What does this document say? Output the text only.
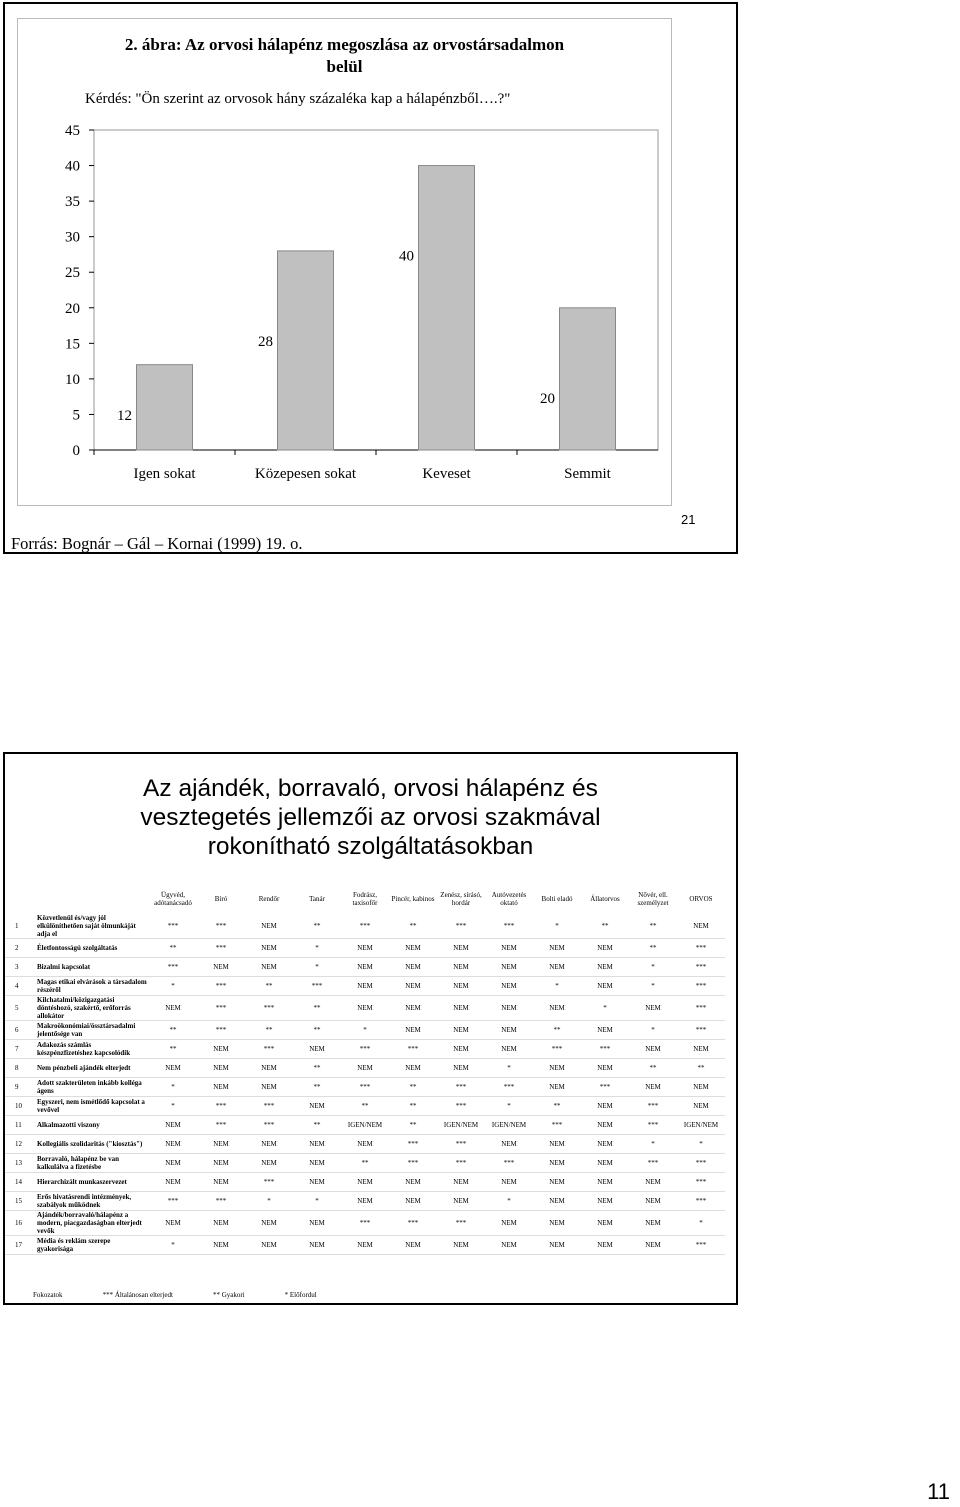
2. ábra: Az orvosi hálapénz megoszlása az orvostársadalmon
belül
Kérdés: "Ön szerint az orvosok hány százaléka kap a hálapénzből….?"
0
5
10
15
20
25
30
35
40
45
12
Igen sokat
28
Közepesen sokat
40
Keveset
20
Semmit
21
Forrás: Bognár – Gál – Kornai (1999) 19. o.
Az ajándék, borravaló, orvosi hálapénz és
vesztegetés jellemzői az orvosi szakmával
rokonítható szolgáltatásokban
		Ügyvéd, adótanácsadó	Bíró	Rendőr	Tanár	Fodrász, taxisofőr	Pincér, kabinos	Zenész, sírásó, hordár	Autóvezetés oktató	Bolti eladó	Állatorvos	Nővér, ell. személyzet	ORVOS
1	Közvetlenül és/vagy jól elkülöníthetően saját ölmunkáját adja el	***	***	NEM	**	***	**	***	***	*	**	**	NEM
2	Életfontosságú szolgáltatás	**	***	NEM	*	NEM	NEM	NEM	NEM	NEM	NEM	**	***
3	Bizalmi kapcsolat	***	NEM	NEM	*	NEM	NEM	NEM	NEM	NEM	NEM	*	***
4	Magas etikai elvárások a társadalom részéről	*	***	**	***	NEM	NEM	NEM	NEM	*	NEM	*	***
5	Kilchatalmi/közigazgatási döntéshozó, szakértő, erőforrás allokátor	NEM	***	***	**	NEM	NEM	NEM	NEM	NEM	*	NEM	***
6	Makroökonómiai/össztársadalmi jelentősége van	**	***	**	**	*	NEM	NEM	NEM	**	NEM	*	***
7	Adakozás számlás készpénzfizetéshez kapcsolódik	**	NEM	***	NEM	***	***	NEM	NEM	***	***	NEM	NEM
8	Nem pénzbeli ajándék elterjedt	NEM	NEM	NEM	**	NEM	NEM	NEM	*	NEM	NEM	**	**
9	Adott szakterületen inkább kolléga ágens	*	NEM	NEM	**	***	**	***	***	NEM	***	NEM	NEM
10	Egyszeri, nem ismétlődő kapcsolat a vevővel	*	***	***	NEM	**	**	***	*	**	NEM	***	NEM
11	Alkalmazotti viszony	NEM	***	***	**	IGEN/NEM	**	IGEN/NEM	IGEN/NEM	***	NEM	***	IGEN/NEM
12	Kollegiális szolidaritás ("kiosztás")	NEM	NEM	NEM	NEM	NEM	***	***	NEM	NEM	NEM	*	*
13	Borravaló, hálapénz be van kalkulálva a fizetésbe	NEM	NEM	NEM	NEM	**	***	***	***	NEM	NEM	***	***
14	Hierarchizált munkaszervezet	NEM	NEM	***	NEM	NEM	NEM	NEM	NEM	NEM	NEM	NEM	***
15	Erős hivatásrendi intézmények, szabályok működnek	***	***	*	*	NEM	NEM	NEM	*	NEM	NEM	NEM	***
16	Ajándék/borravaló/hálapénz a modern, piacgazdaságban elterjedt vevők	NEM	NEM	NEM	NEM	***	***	***	NEM	NEM	NEM	NEM	*
17	Média és reklám szerepe gyakorisága	*	NEM	NEM	NEM	NEM	NEM	NEM	NEM	NEM	NEM	NEM	***
Fokozatok	*** Általánosan elterjedt	** Gyakori	* Előfordul
11
